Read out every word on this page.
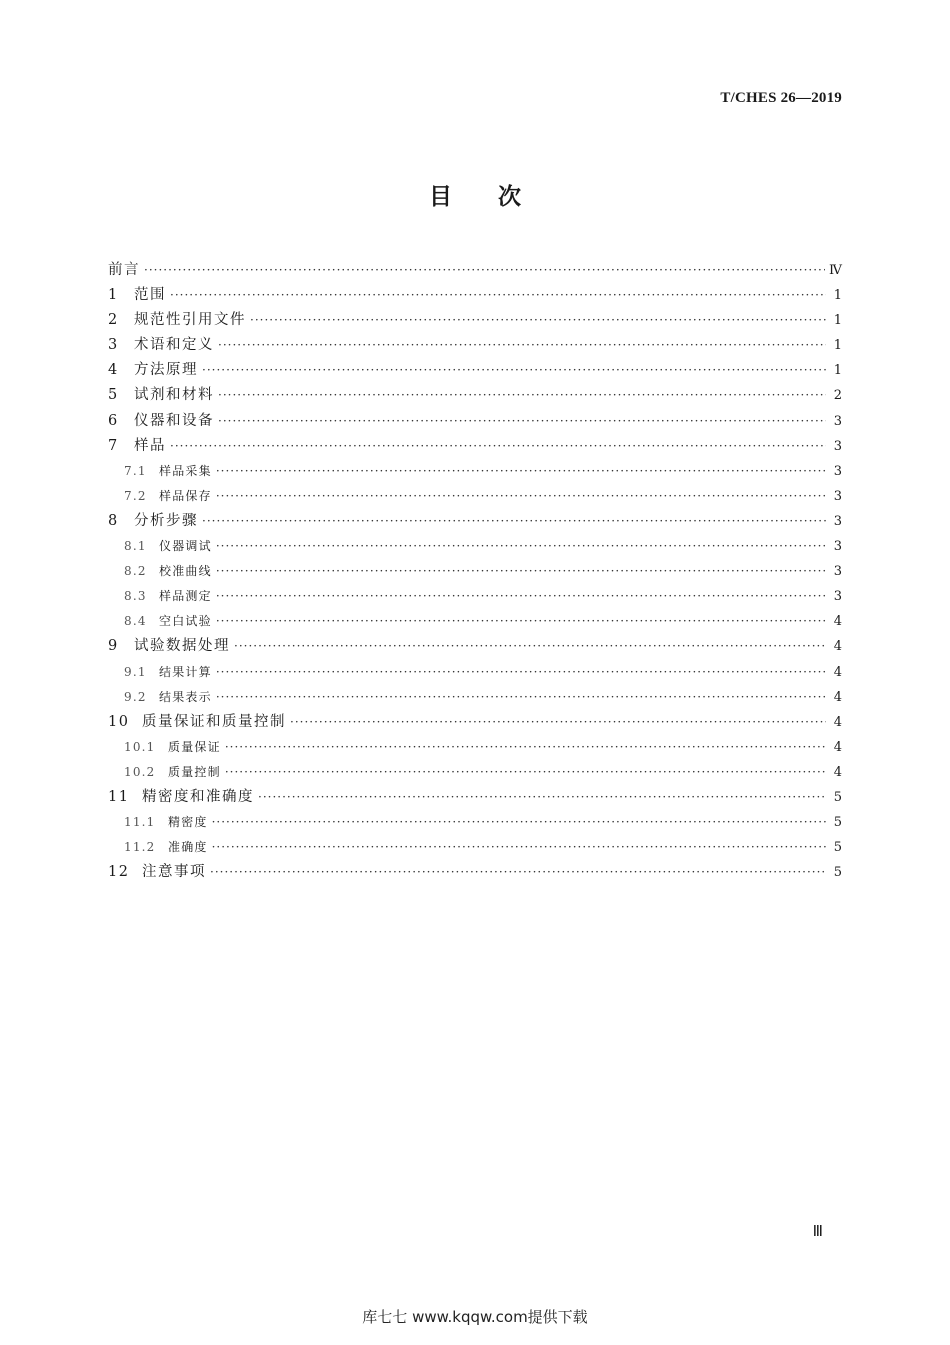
T/CHES 26—2019
目次
前言 ·····	Ⅳ
1	范围 ·····	1
2	规范性引用文件 ·····	1
3	术语和定义 ·····	1
4	方法原理 ·····	1
5	试剂和材料 ·····	2
6	仪器和设备 ·····	3
7	样品 ·····	3
7.1	样品采集 ·····	3
7.2	样品保存 ·····	3
8	分析步骤 ·····	3
8.1	仪器调试 ·····	3
8.2	校准曲线 ·····	3
8.3	样品测定 ·····	3
8.4	空白试验 ·····	4
9	试验数据处理 ·····	4
9.1	结果计算 ·····	4
9.2	结果表示 ·····	4
10 质量保证和质量控制 ·····	4
10.1	质量保证 ·····	4
10.2	质量控制 ·····	4
11 精密度和准确度 ·····	5
11.1	精密度 ·····	5
11.2	准确度 ·····	5
12 注意事项 ·····	5
Ⅲ
库七七 www.kqqw.com提供下载
